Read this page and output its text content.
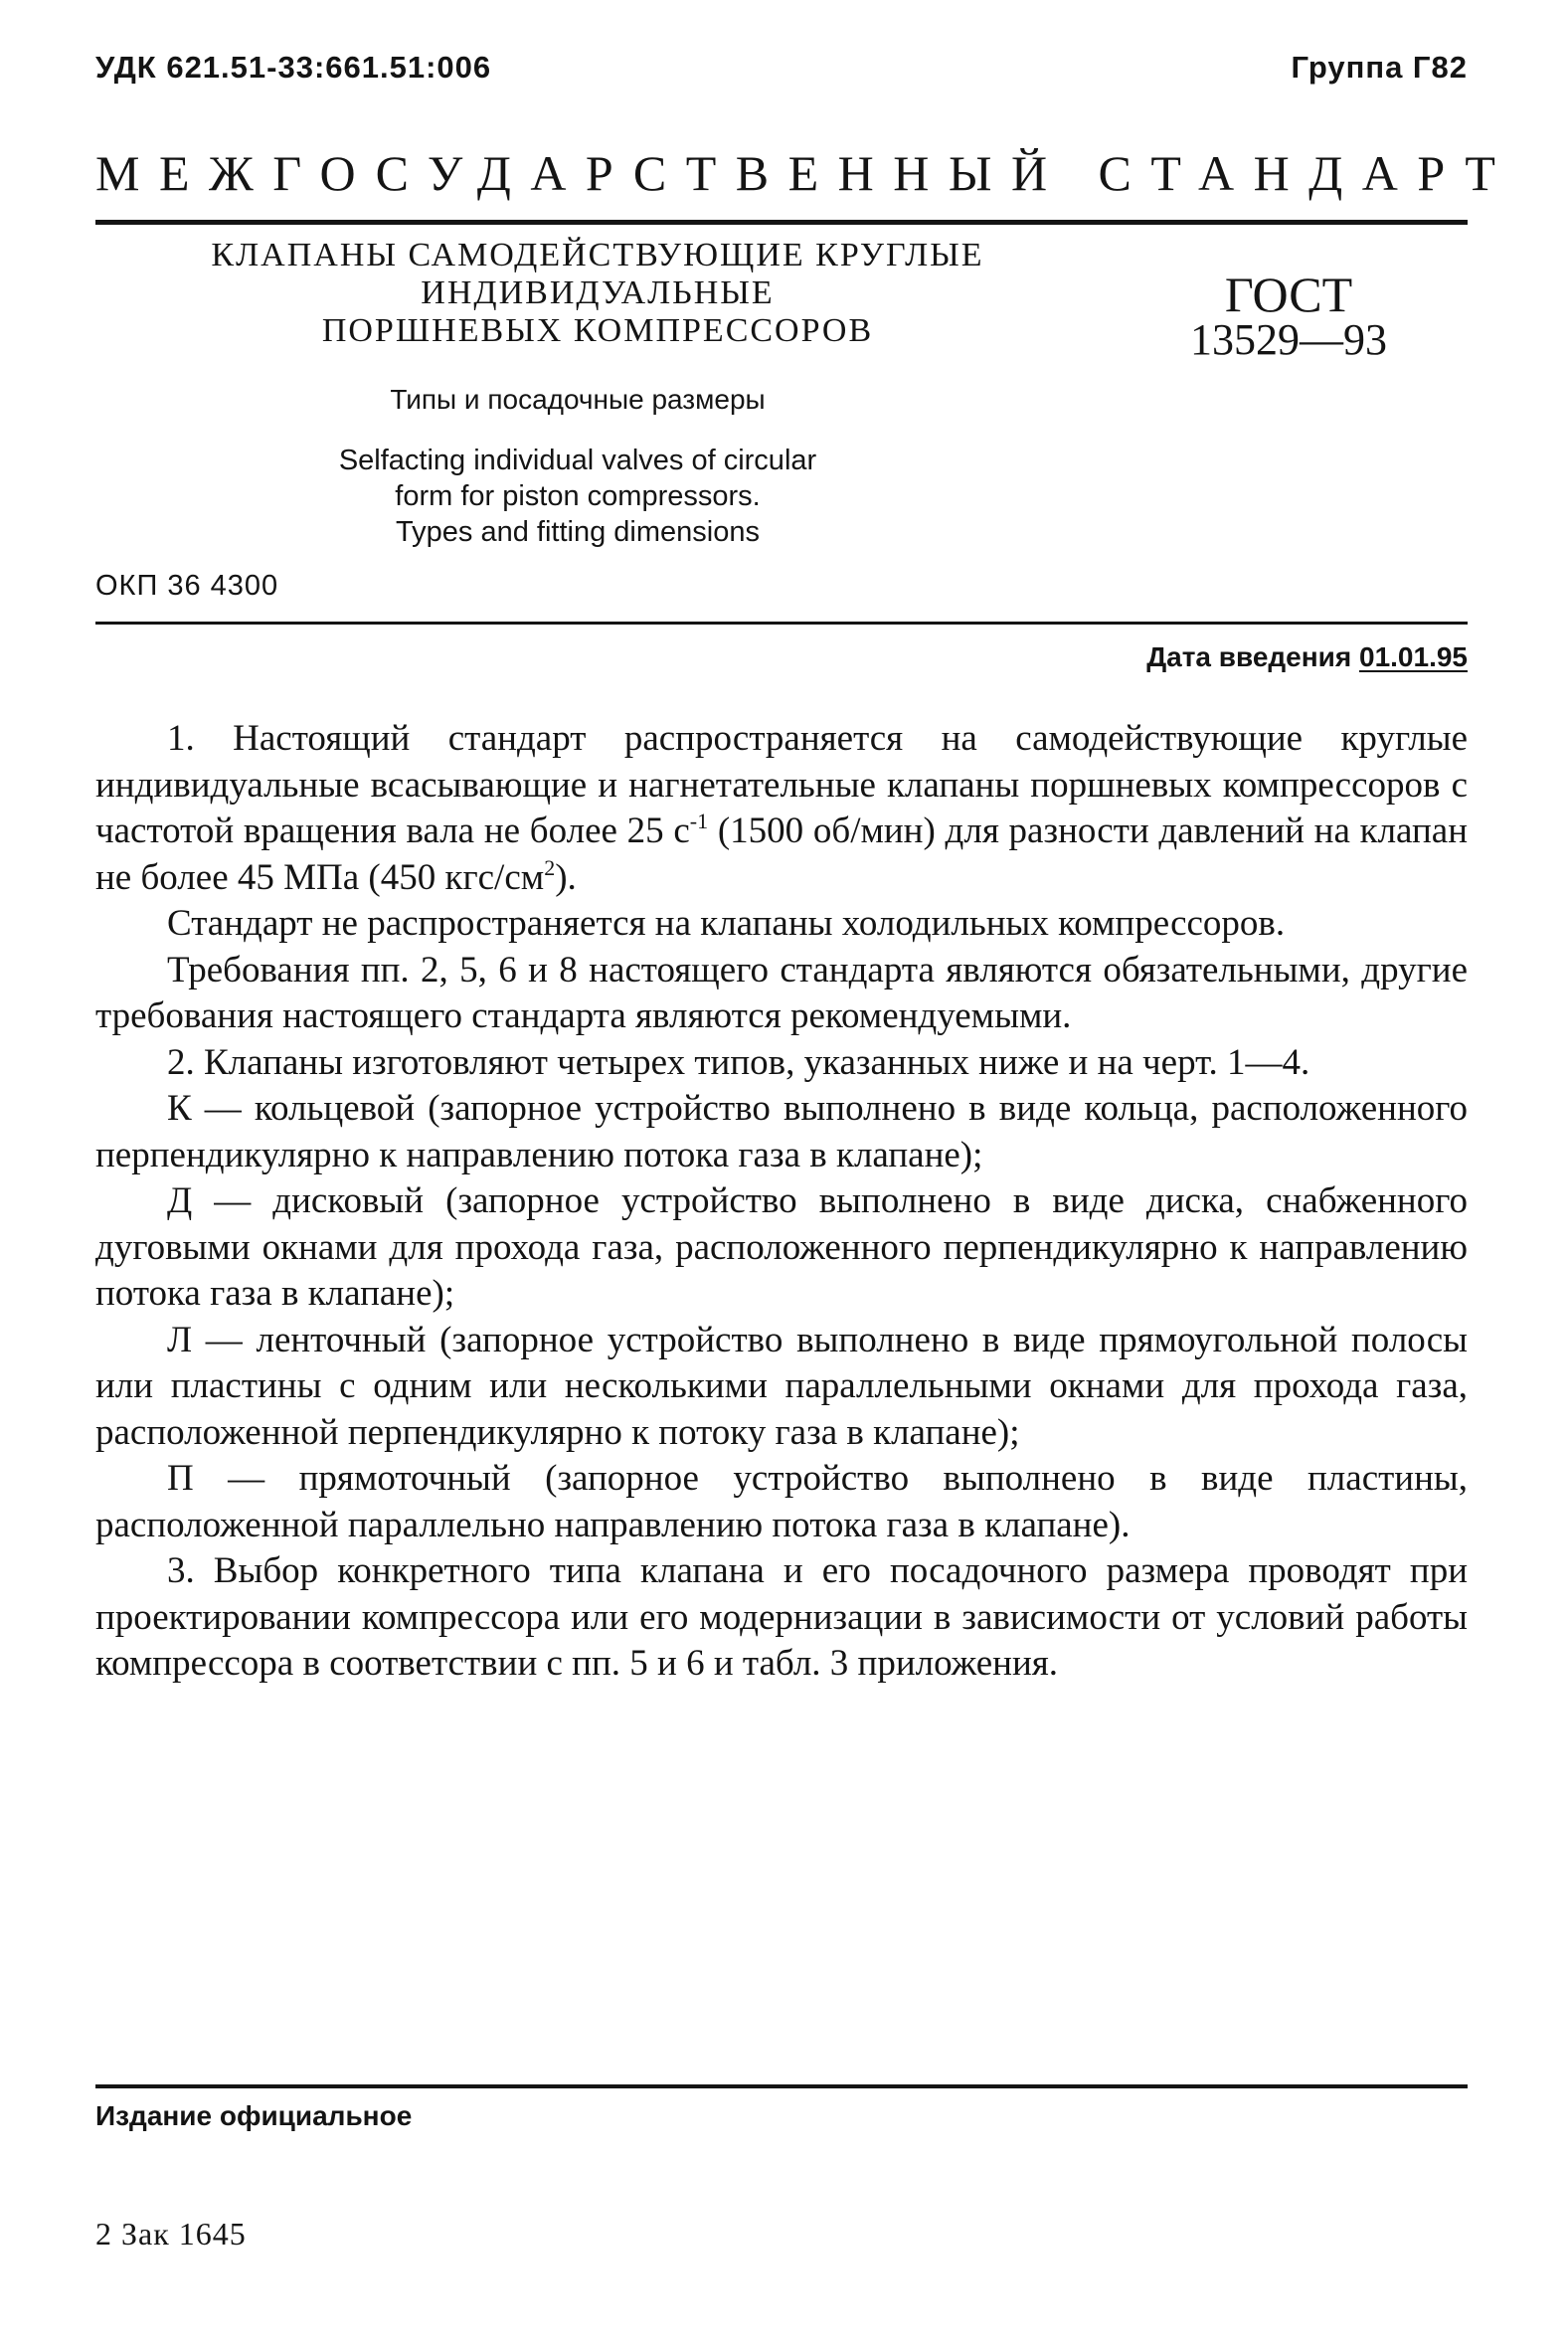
УДК 621.51-33:661.51:006	Группа Г82
МЕЖГОСУДАРСТВЕННЫЙ СТАНДАРТ
КЛАПАНЫ САМОДЕЙСТВУЮЩИЕ КРУГЛЫЕ
ИНДИВИДУАЛЬНЫЕ
ПОРШНЕВЫХ КОМПРЕССОРОВ
ГОСТ
13529—93
Типы и посадочные размеры
Selfacting individual valves of circular
form for piston compressors.
Types and fitting dimensions
ОКП 36 4300
Дата введения 01.01.95

1. Настоящий стандарт распространяется на самодействующие круглые индивидуальные всасывающие и нагнетательные клапаны поршневых компрессоров с частотой вращения вала не более 25 $с^{-1}$ (1500 об/мин) для разности давлений на клапан не более 45 МПа (450 кгс/$см^2$).

Стандарт не распространяется на клапаны холодильных компрессоров.

Требования пп. 2, 5, 6 и 8 настоящего стандарта являются обязательными, другие требования настоящего стандарта являются рекомендуемыми.

2. Клапаны изготовляют четырех типов, указанных ниже и на черт. 1—4.

К — кольцевой (запорное устройство выполнено в виде кольца, расположенного перпендикулярно к направлению потока газа в клапане);

Д — дисковый (запорное устройство выполнено в виде диска, снабженного дуговыми окнами для прохода газа, расположенного перпендикулярно к направлению потока газа в клапане);

Л — ленточный (запорное устройство выполнено в виде прямоугольной полосы или пластины с одним или несколькими параллельными окнами для прохода газа, расположенной перпендикулярно к потоку газа в клапане);

П — прямоточный (запорное устройство выполнено в виде пластины, расположенной параллельно направлению потока газа в клапане).

3. Выбор конкретного типа клапана и его посадочного размера проводят при проектировании компрессора или его модернизации в зависимости от условий работы компрессора в соответствии с пп. 5 и 6 и табл. 3 приложения.

Издание официальное
2 Зак 1645
